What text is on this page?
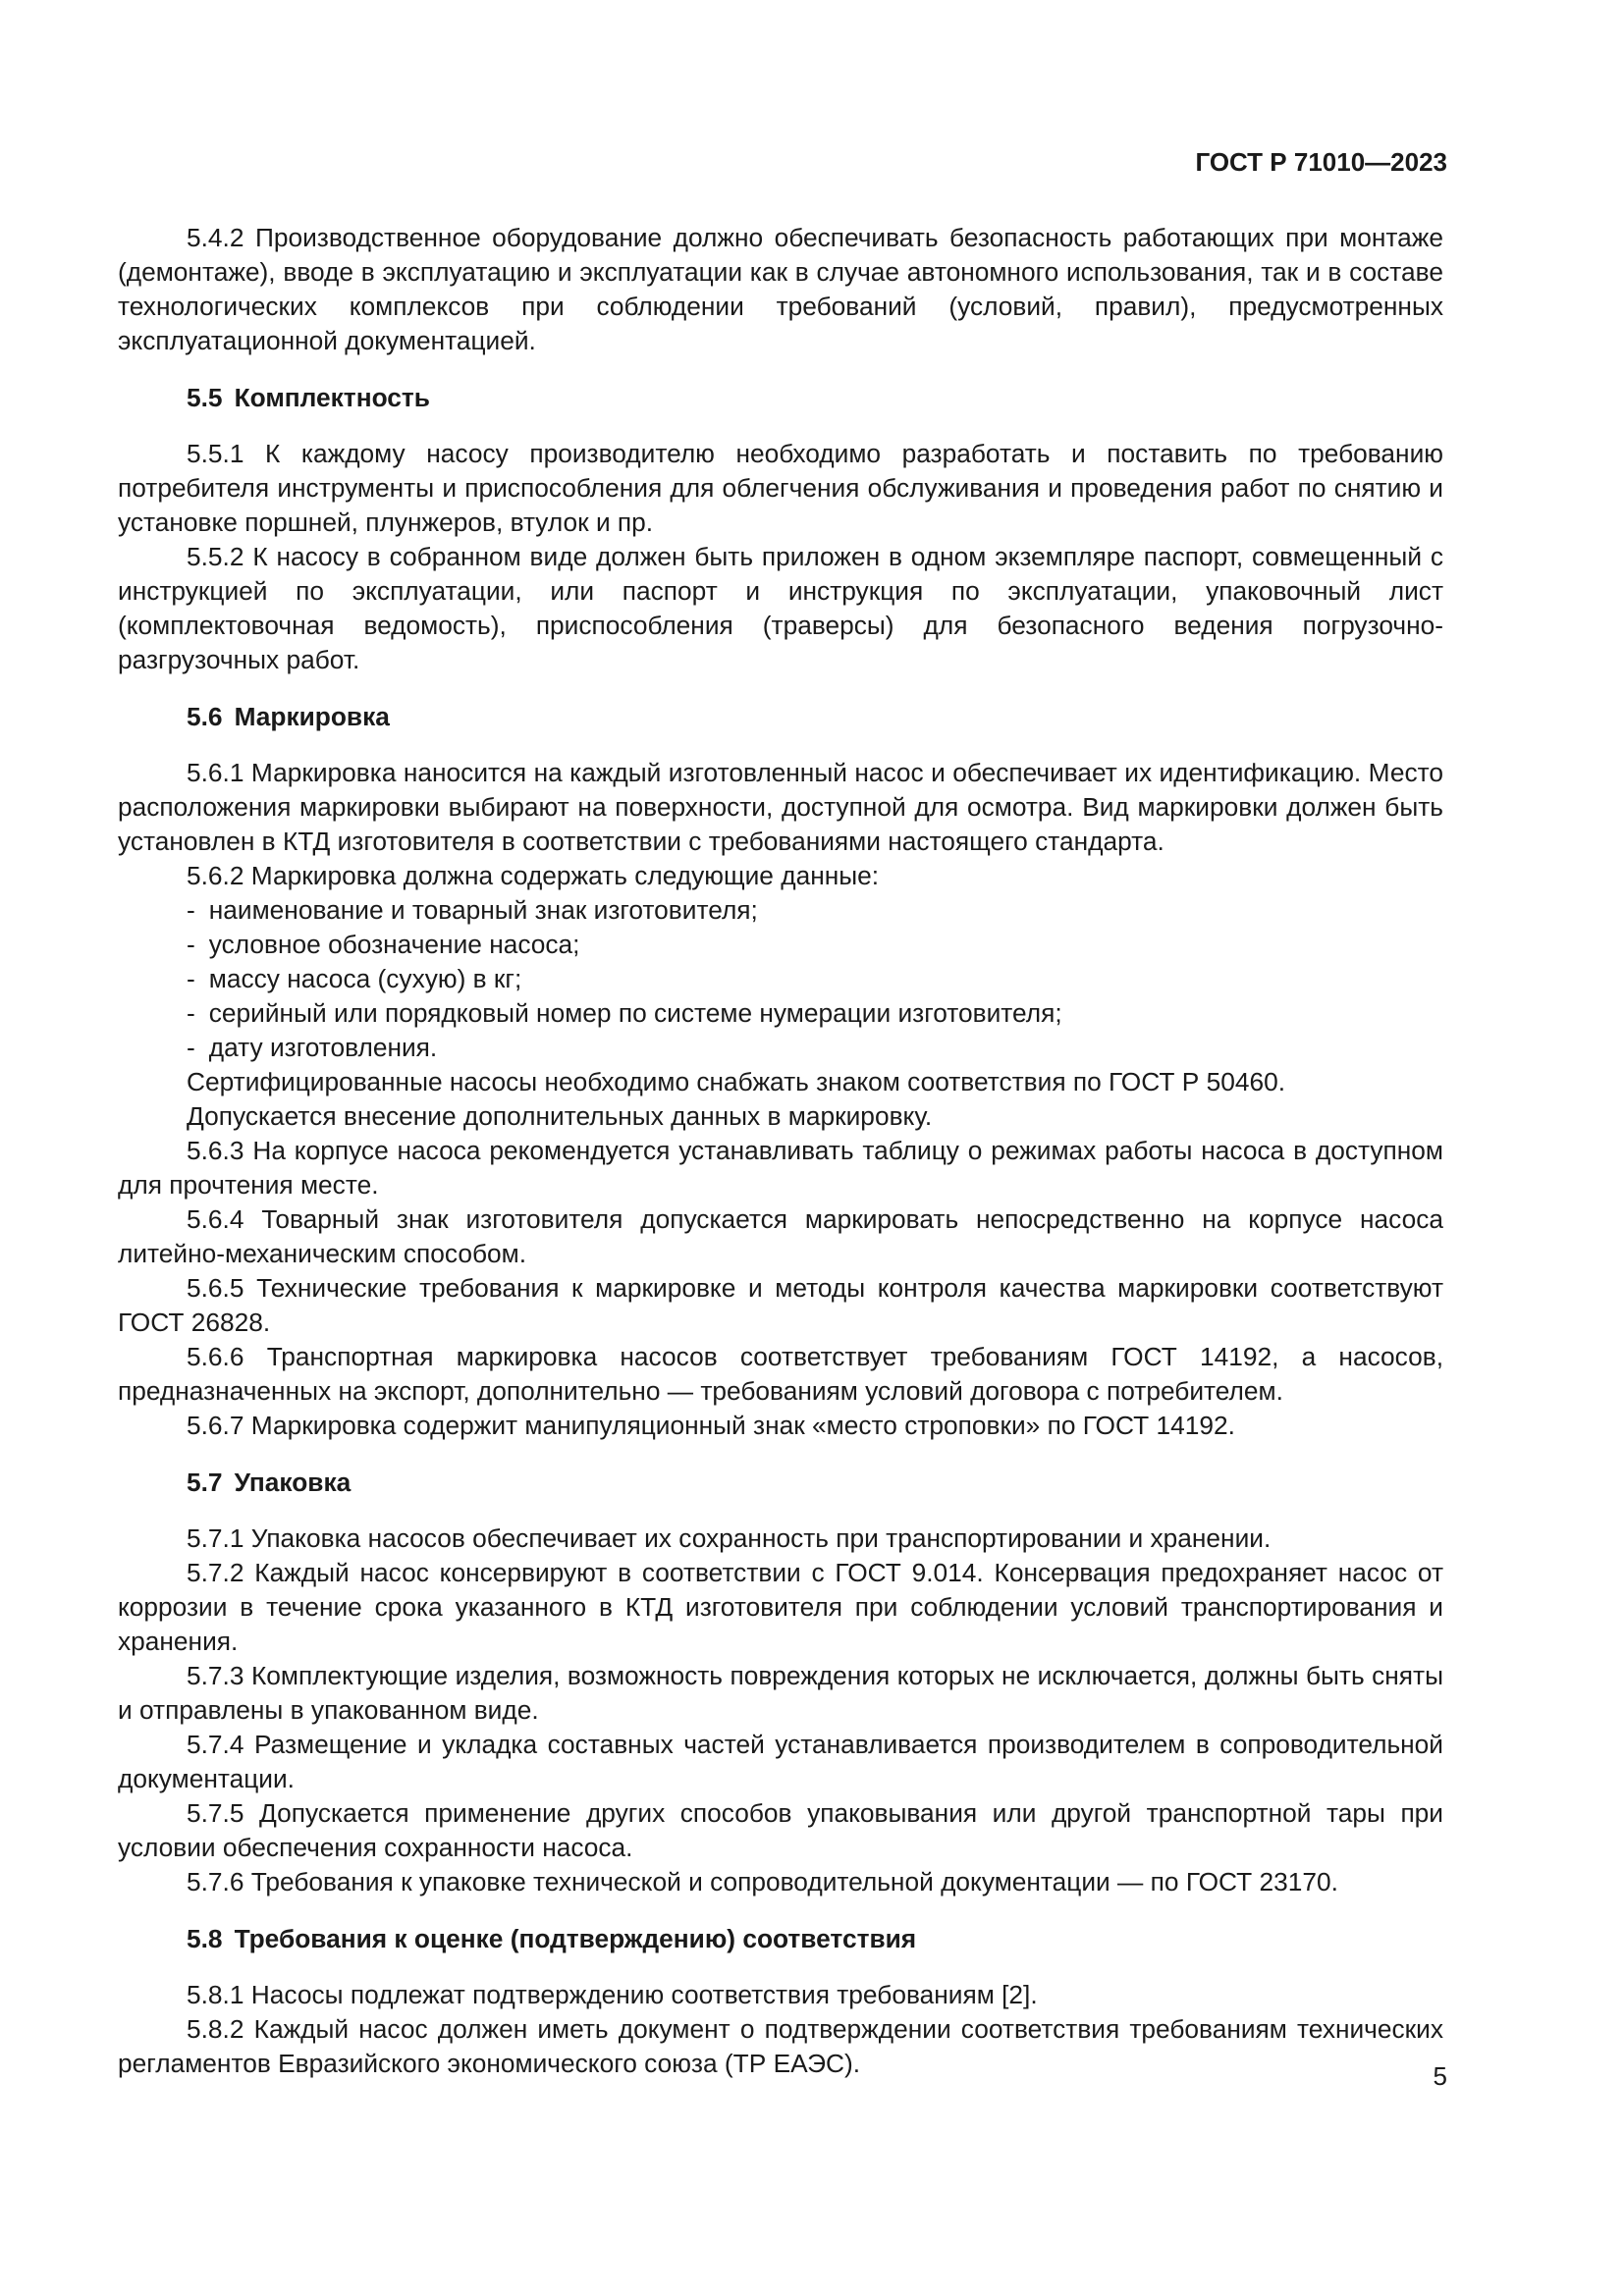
ГОСТ Р 71010—2023

5.4.2 Производственное оборудование должно обеспечивать безопасность работающих при монтаже (демонтаже), вводе в эксплуатацию и эксплуатации как в случае автономного использования, так и в составе технологических комплексов при соблюдении требований (условий, правил), предусмотренных эксплуатационной документацией.

5.5 Комплектность

5.5.1 К каждому насосу производителю необходимо разработать и поставить по требованию потребителя инструменты и приспособления для облегчения обслуживания и проведения работ по снятию и установке поршней, плунжеров, втулок и пр.

5.5.2 К насосу в собранном виде должен быть приложен в одном экземпляре паспорт, совмещенный с инструкцией по эксплуатации, или паспорт и инструкция по эксплуатации, упаковочный лист (комплектовочная ведомость), приспособления (траверсы) для безопасного ведения погрузочно-разгрузочных работ.

5.6 Маркировка

5.6.1 Маркировка наносится на каждый изготовленный насос и обеспечивает их идентификацию. Место расположения маркировки выбирают на поверхности, доступной для осмотра. Вид маркировки должен быть установлен в КТД изготовителя в соответствии с требованиями настоящего стандарта.

5.6.2 Маркировка должна содержать следующие данные:

- наименование и товарный знак изготовителя;

- условное обозначение насоса;

- массу насоса (сухую) в кг;

- серийный или порядковый номер по системе нумерации изготовителя;

- дату изготовления.

Сертифицированные насосы необходимо снабжать знаком соответствия по ГОСТ Р 50460.

Допускается внесение дополнительных данных в маркировку.

5.6.3 На корпусе насоса рекомендуется устанавливать таблицу о режимах работы насоса в доступном для прочтения месте.

5.6.4 Товарный знак изготовителя допускается маркировать непосредственно на корпусе насоса литейно-механическим способом.

5.6.5 Технические требования к маркировке и методы контроля качества маркировки соответствуют ГОСТ 26828.

5.6.6 Транспортная маркировка насосов соответствует требованиям ГОСТ 14192, а насосов, предназначенных на экспорт, дополнительно — требованиям условий договора с потребителем.

5.6.7 Маркировка содержит манипуляционный знак «место строповки» по ГОСТ 14192.

5.7 Упаковка

5.7.1 Упаковка насосов обеспечивает их сохранность при транспортировании и хранении.

5.7.2 Каждый насос консервируют в соответствии с ГОСТ 9.014. Консервация предохраняет насос от коррозии в течение срока указанного в КТД изготовителя при соблюдении условий транспортирования и хранения.

5.7.3 Комплектующие изделия, возможность повреждения которых не исключается, должны быть сняты и отправлены в упакованном виде.

5.7.4 Размещение и укладка составных частей устанавливается производителем в сопроводительной документации.

5.7.5 Допускается применение других способов упаковывания или другой транспортной тары при условии обеспечения сохранности насоса.

5.7.6 Требования к упаковке технической и сопроводительной документации — по ГОСТ 23170.

5.8 Требования к оценке (подтверждению) соответствия

5.8.1 Насосы подлежат подтверждению соответствия требованиям [2].

5.8.2 Каждый насос должен иметь документ о подтверждении соответствия требованиям технических регламентов Евразийского экономического союза (ТР ЕАЭС).	5
